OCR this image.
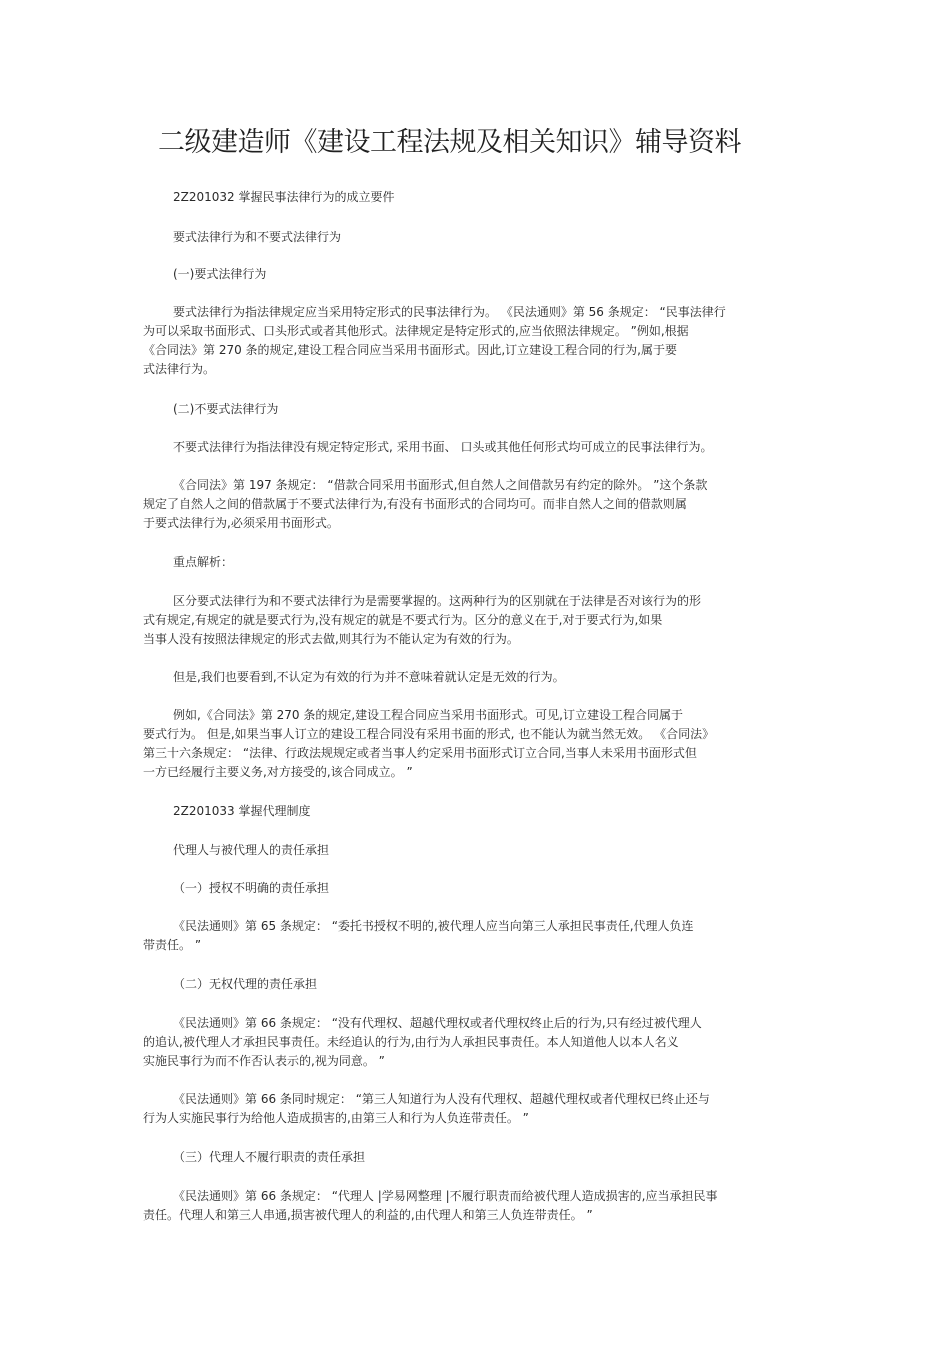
二级建造师《建设工程法规及相关知识》辅导资料

2Z201032 掌握民事法律行为的成立要件

要式法律行为和不要式法律行为

(一)要式法律行为

要式法律行为指法律规定应当采用特定形式的民事法律行为。 《民法通则》第 56 条规定： “民事法律行
为可以采取书面形式、口头形式或者其他形式。法律规定是特定形式的,应当依照法律规定。 ”例如,根据
《合同法》第 270 条的规定,建设工程合同应当采用书面形式。因此,订立建设工程合同的行为,属于要
式法律行为。

(二)不要式法律行为

不要式法律行为指法律没有规定特定形式, 采用书面、 口头或其他任何形式均可成立的民事法律行为。
《合同法》第 197 条规定： “借款合同采用书面形式,但自然人之间借款另有约定的除外。 ”这个条款
规定了自然人之间的借款属于不要式法律行为,有没有书面形式的合同均可。而非自然人之间的借款则属
于要式法律行为,必须采用书面形式。

重点解析：

区分要式法律行为和不要式法律行为是需要掌握的。这两种行为的区别就在于法律是否对该行为的形
式有规定,有规定的就是要式行为,没有规定的就是不要式行为。区分的意义在于,对于要式行为,如果
当事人没有按照法律规定的形式去做,则其行为不能认定为有效的行为。
但是,我们也要看到,不认定为有效的行为并不意味着就认定是无效的行为。
例如,《合同法》第 270 条的规定,建设工程合同应当采用书面形式。可见,订立建设工程合同属于
要式行为。 但是,如果当事人订立的建设工程合同没有采用书面的形式, 也不能认为就当然无效。 《合同法》
第三十六条规定： “法律、行政法规规定或者当事人约定采用书面形式订立合同,当事人未采用书面形式但
一方已经履行主要义务,对方接受的,该合同成立。 ”

2Z201033 掌握代理制度

代理人与被代理人的责任承担

（一）授权不明确的责任承担

《民法通则》第 65 条规定： “委托书授权不明的,被代理人应当向第三人承担民事责任,代理人负连
带责任。 ”

（二）无权代理的责任承担

《民法通则》第 66 条规定： “没有代理权、超越代理权或者代理权终止后的行为,只有经过被代理人
的追认,被代理人才承担民事责任。未经追认的行为,由行为人承担民事责任。本人知道他人以本人名义
实施民事行为而不作否认表示的,视为同意。 ”
《民法通则》第 66 条同时规定： “第三人知道行为人没有代理权、超越代理权或者代理权已终止还与
行为人实施民事行为给他人造成损害的,由第三人和行为人负连带责任。 ”

（三）代理人不履行职责的责任承担

《民法通则》第 66 条规定： “代理人 |学易网整理 |不履行职责而给被代理人造成损害的,应当承担民事
责任。代理人和第三人串通,损害被代理人的利益的,由代理人和第三人负连带责任。 ”
